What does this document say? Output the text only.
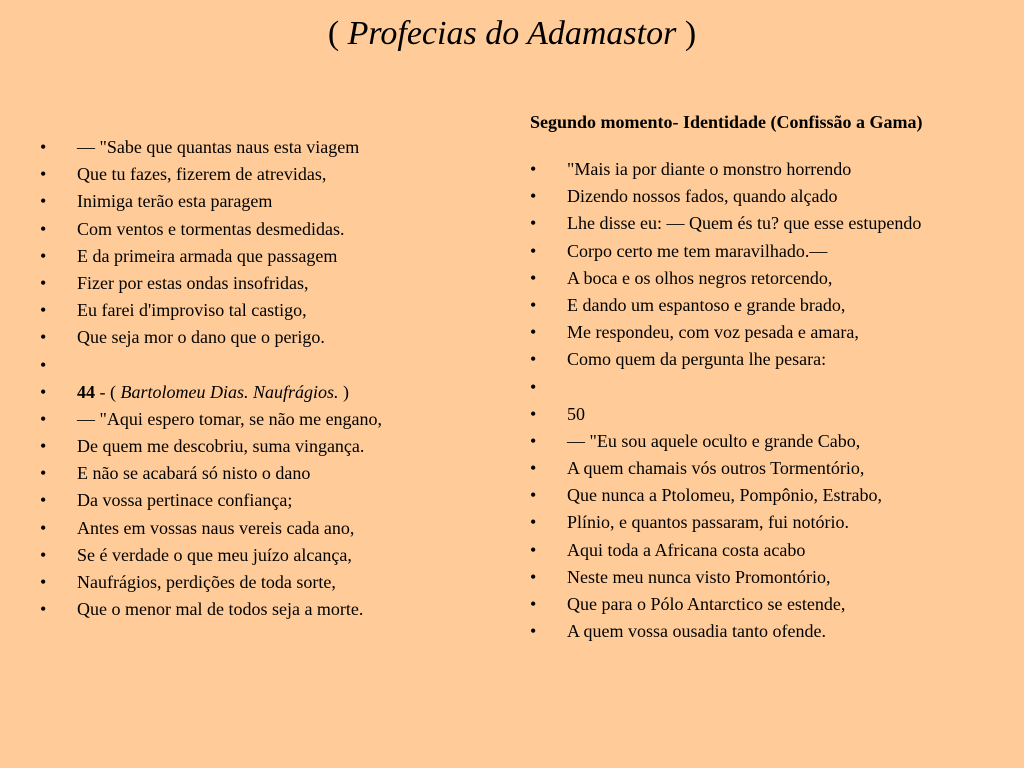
( Profecias do Adamastor )
•	— "Sabe que quantas naus esta viagem
•	Que tu fazes, fizerem de atrevidas,
•	Inimiga terão esta paragem
•	Com ventos e tormentas desmedidas.
•	E da primeira armada que passagem
•	Fizer por estas ondas insofridas,
•	Eu farei d'improviso tal castigo,
•	Que seja mor o dano que o perigo.
•
•	44 - ( Bartolomeu Dias. Naufrágios. )
•	— "Aqui espero tomar, se não me engano,
•	De quem me descobriu, suma vingança.
•	E não se acabará só nisto o dano
•	Da vossa pertinace confiança;
•	Antes em vossas naus vereis cada ano,
•	Se é verdade o que meu juízo alcança,
•	Naufrágios, perdições de toda sorte,
•	Que o menor mal de todos seja a morte.
Segundo momento- Identidade (Confissão a Gama)
•	"Mais ia por diante o monstro horrendo
•	Dizendo nossos fados, quando alçado
•	Lhe disse eu: — Quem és tu? que esse estupendo
•	Corpo certo me tem maravilhado.—
•	A boca e os olhos negros retorcendo,
•	E dando um espantoso e grande brado,
•	Me respondeu, com voz pesada e amara,
•	Como quem da pergunta lhe pesara:
•
•	50
•	— "Eu sou aquele oculto e grande Cabo,
•	A quem chamais vós outros Tormentório,
•	Que nunca a Ptolomeu, Pompônio, Estrabo,
•	Plínio, e quantos passaram, fui notório.
•	Aqui toda a Africana costa acabo
•	Neste meu nunca visto Promontório,
•	Que para o Pólo Antarctico se estende,
•	A quem vossa ousadia tanto ofende.
